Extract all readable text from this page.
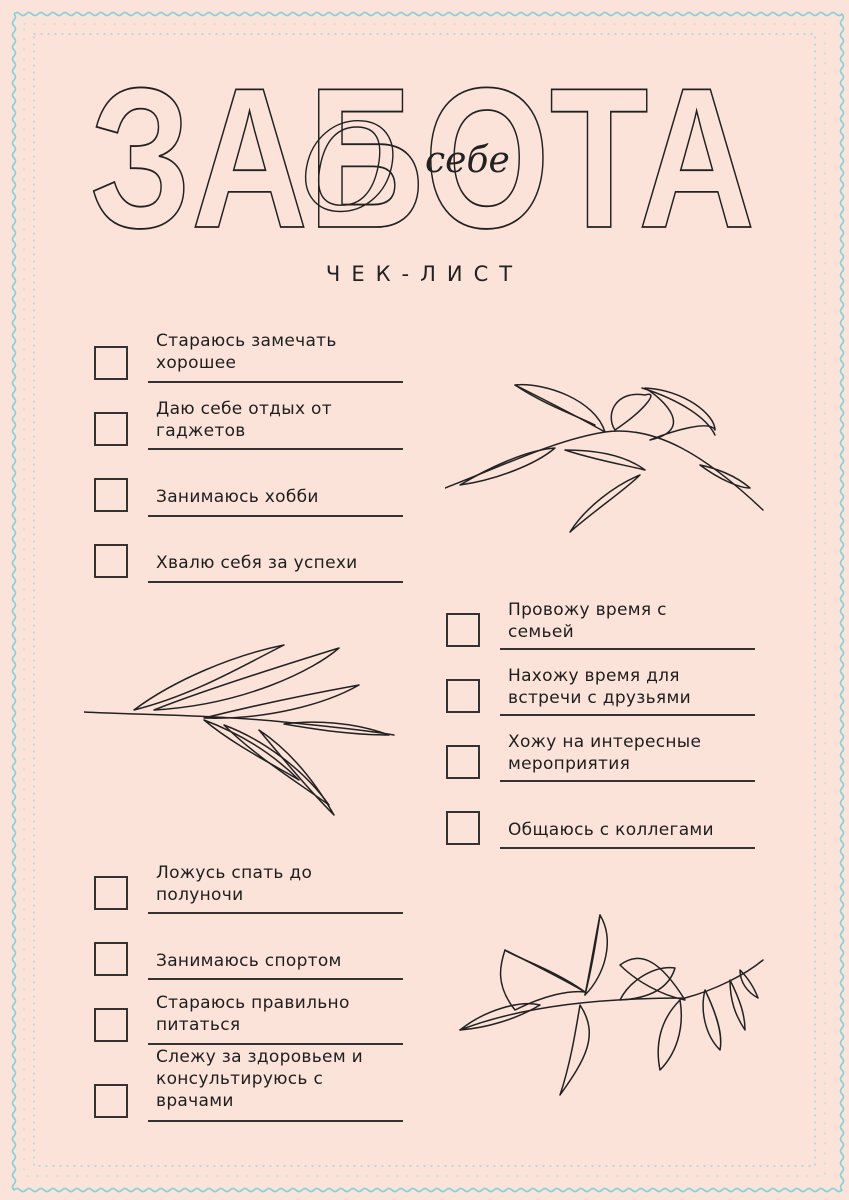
ЗАБОТА
О себе
ЧЕК-ЛИСТ
Стараюсь замечать
хорошее
Даю себе отдых от
гаджетов
Занимаюсь хобби
Хвалю себя за успехи
Провожу время с
семьей
Нахожу время для
встречи с друзьями
Хожу на интересные
мероприятия
Общаюсь с коллегами
Ложусь спать до
полуночи
Занимаюсь спортом
Стараюсь правильно
питаться
Слежу за здоровьем и
консультируюсь с
врачами
